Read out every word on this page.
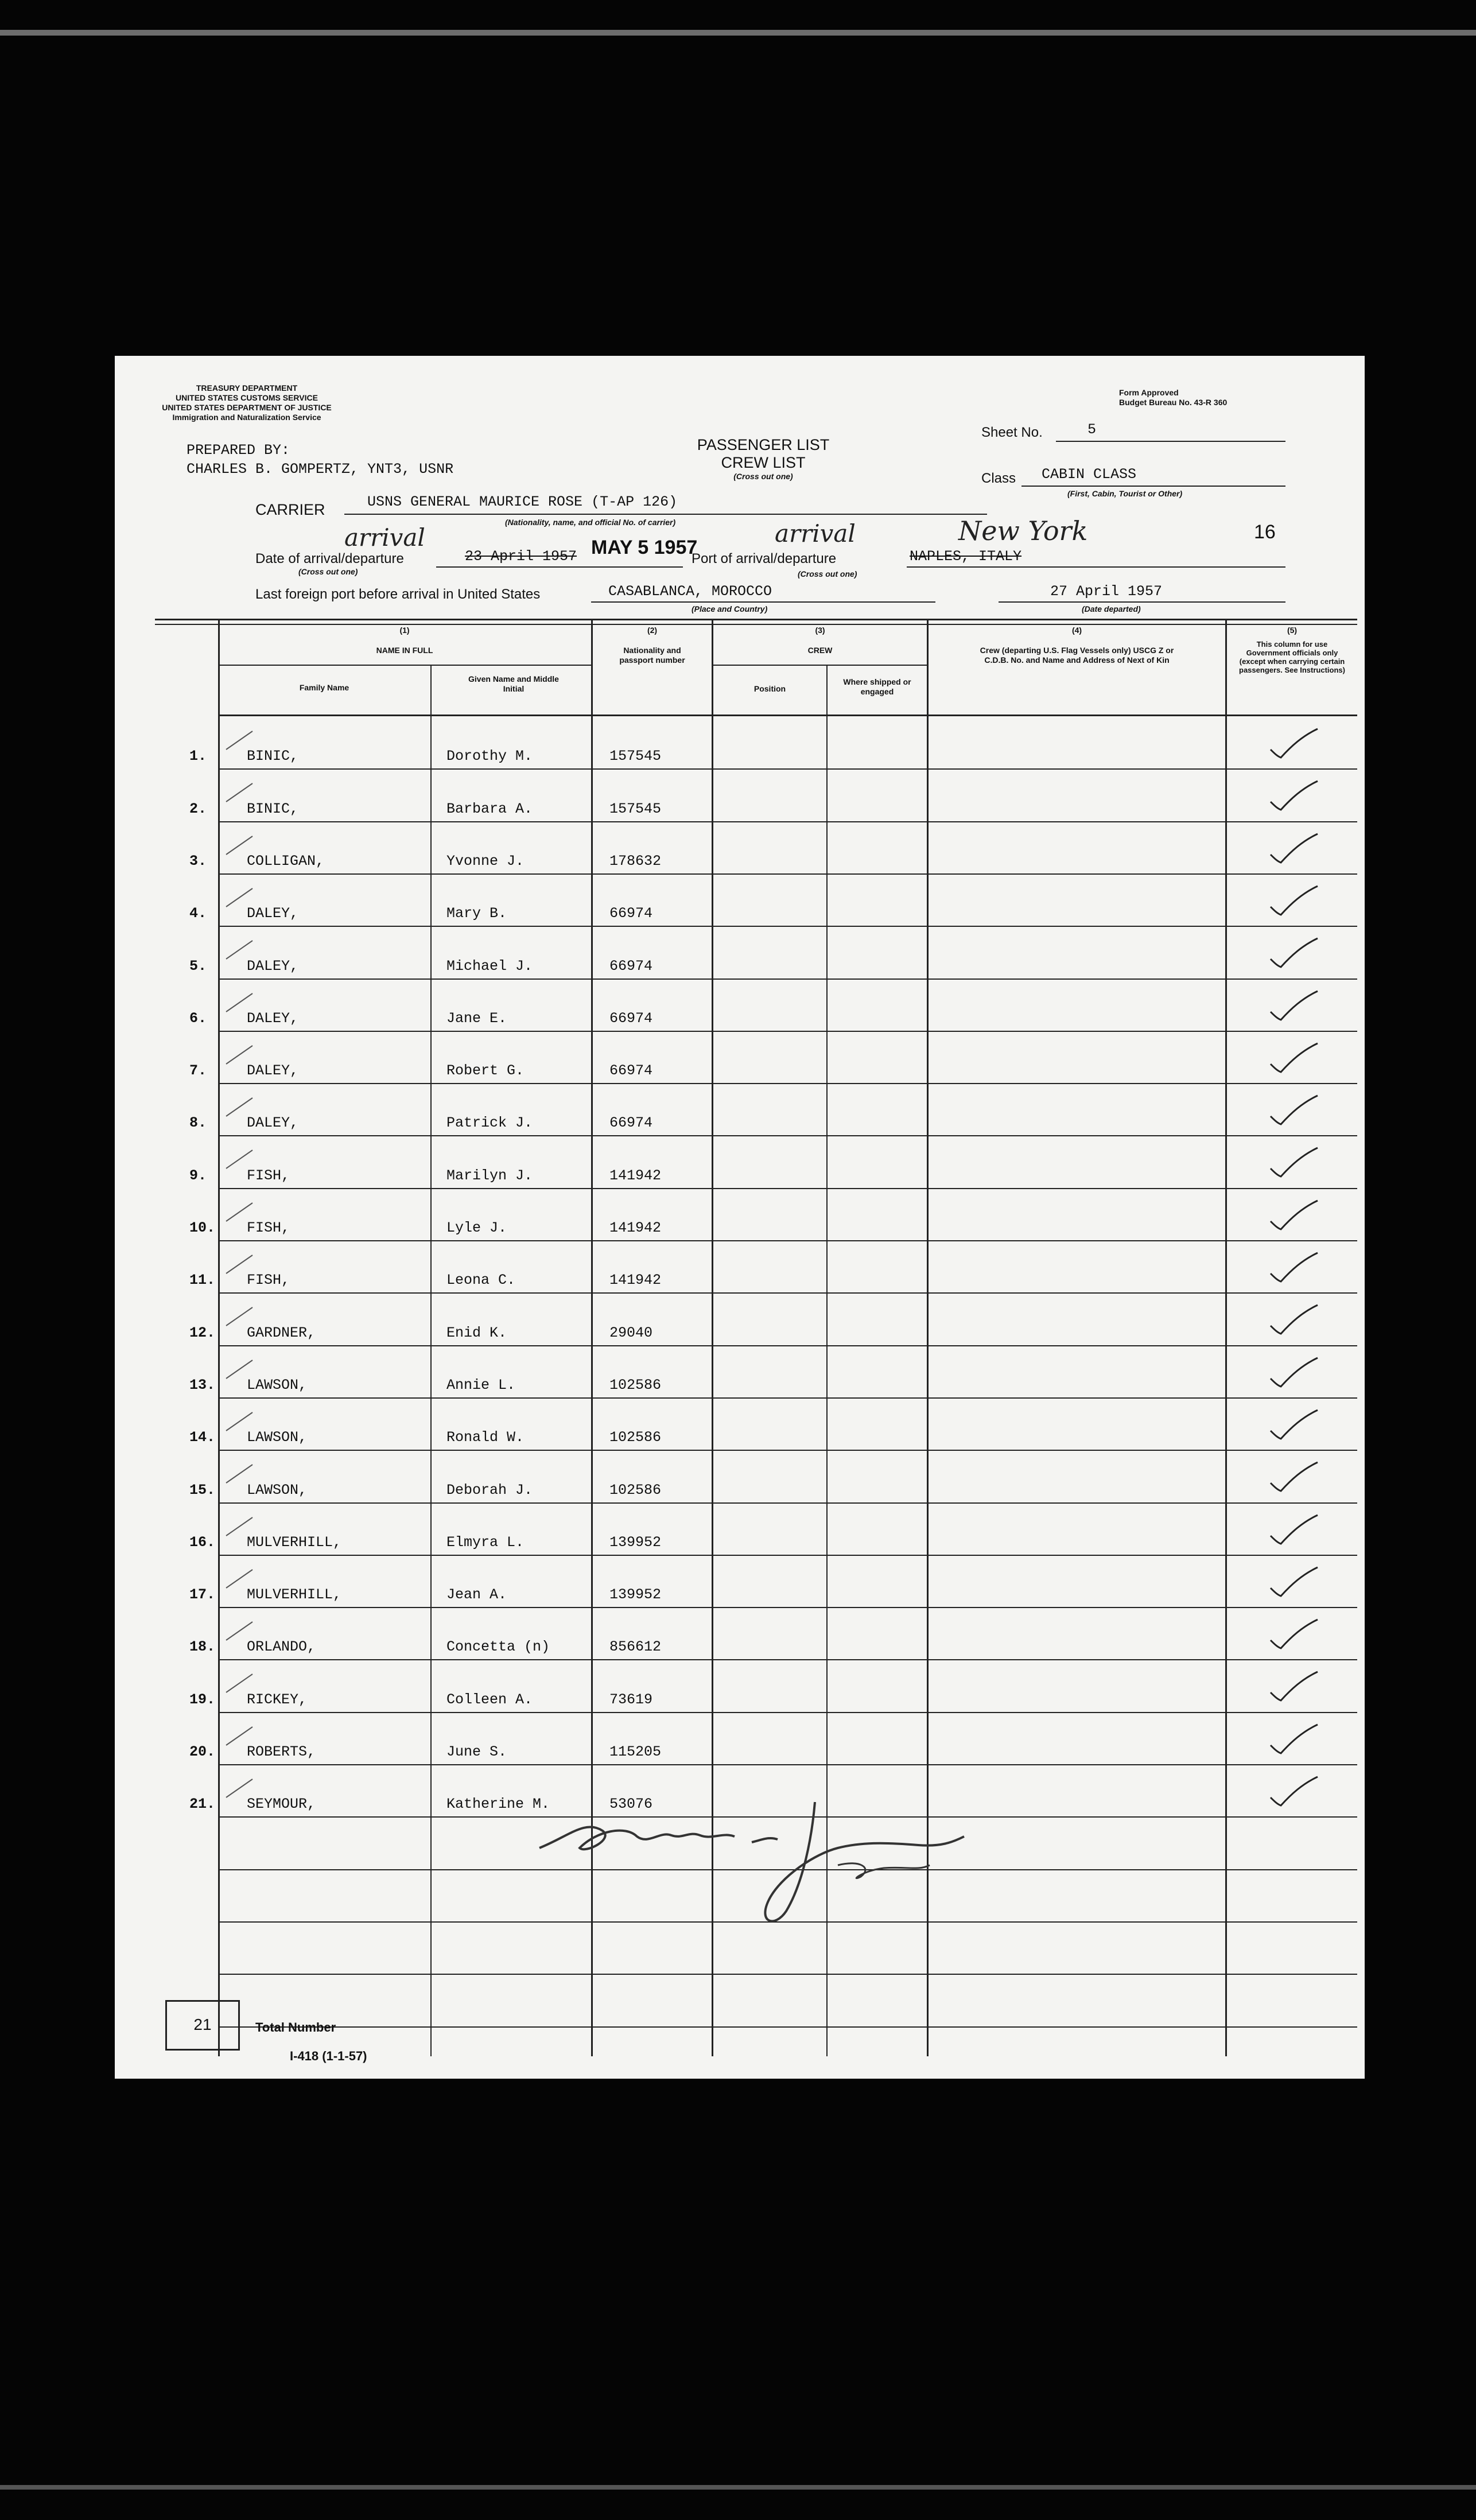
TREASURY DEPARTMENT
UNITED STATES CUSTOMS SERVICE
UNITED STATES DEPARTMENT OF JUSTICE
Immigration and Naturalization Service
Form Approved
Budget Bureau No. 43-R 360
PREPARED BY:
CHARLES B. GOMPERTZ, YNT3, USNR
PASSENGER LIST
CREW LIST
(Cross out one)
Sheet No.	5
Class CABIN CLASS
(First, Cabin, Tourist or Other)
CARRIER	USNS GENERAL MAURICE ROSE (T-AP 126)
(Nationality, name, and official No. of carrier)	16
arrival
Date of arrival/departure
(Cross out one)
23 April 1957 MAY 5 1957	arrival
Port of arrival/departure
(Cross out one)
NAPLES, ITALY
New York
Last foreign port before arrival in United States	CASABLANCA, MOROCCO
(Place and Country)
27 April 1957
(Date departed)
(1)
NAME IN FULL
Family Name
Given Name and Middle Initial
(2)
Nationality and passport number
(3)
CREW
Position
Where shipped or engaged
(4)
Crew (departing U.S. Flag Vessels only) USCG Z or C.D.B. No. and Name and Address of Next of Kin
(5)
This column for use Government officials only (except when carrying certain passengers. See Instructions)
1.	BINIC,	Dorothy M.	157545
2.	BINIC,	Barbara A.	157545
3.	COLLIGAN,	Yvonne J.	178632
4.	DALEY,	Mary B.	66974
5.	DALEY,	Michael J.	66974
6.	DALEY,	Jane E.	66974
7.	DALEY,	Robert G.	66974
8.	DALEY,	Patrick J.	66974
9.	FISH,	Marilyn J.	141942
10. FISH,	Lyle J.	141942
11. FISH,	Leona C.	141942
12. GARDNER,	Enid K.	29040
13. LAWSON,	Annie L.	102586
14. LAWSON,	Ronald W.	102586
15. LAWSON,	Deborah J.	102586
16. MULVERHILL,	Elmyra L.	139952
17. MULVERHILL,	Jean A.	139952
18. ORLANDO,	Concetta (n)	856612
19. RICKEY,	Colleen A.	73619
20. ROBERTS,	June S.	115205
21. SEYMOUR,	Katherine M.	53076
21	Total Number
I-418 (1-1-57)
